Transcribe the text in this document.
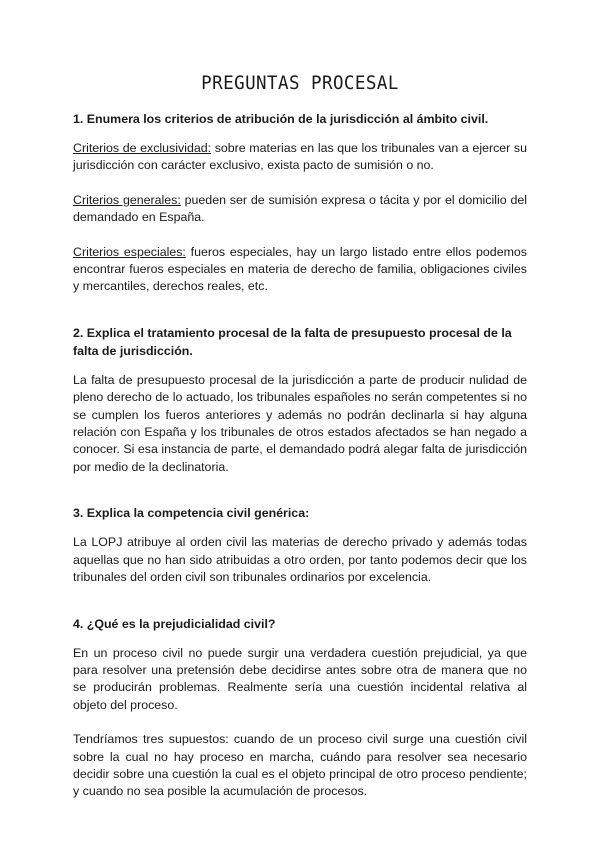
PREGUNTAS PROCESAL

1. Enumera los criterios de atribución de la jurisdicción al ámbito civil.

Criterios de exclusividad: sobre materias en las que los tribunales van a ejercer su jurisdicción con carácter exclusivo, exista pacto de sumisión o no.

Criterios generales: pueden ser de sumisión expresa o tácita y por el domicilio del demandado en España.

Criterios especiales: fueros especiales, hay un largo listado entre ellos podemos encontrar fueros especiales en materia de derecho de familia, obligaciones civiles y mercantiles, derechos reales, etc.

2. Explica el tratamiento procesal de la falta de presupuesto procesal de la falta de jurisdicción.

La falta de presupuesto procesal de la jurisdicción a parte de producir nulidad de pleno derecho de lo actuado, los tribunales españoles no serán competentes si no se cumplen los fueros anteriores y además no podrán declinarla si hay alguna relación con España y los tribunales de otros estados afectados se han negado a conocer. Si esa instancia de parte, el demandado podrá alegar falta de jurisdicción por medio de la declinatoria.

3. Explica la competencia civil genérica:

La LOPJ atribuye al orden civil las materias de derecho privado y además todas aquellas que no han sido atribuidas a otro orden, por tanto podemos decir que los tribunales del orden civil son tribunales ordinarios por excelencia.

4. ¿Qué es la prejudicialidad civil?

En un proceso civil no puede surgir una verdadera cuestión prejudicial, ya que para resolver una pretensión debe decidirse antes sobre otra de manera que no se producirán problemas. Realmente sería una cuestión incidental relativa al objeto del proceso.

Tendríamos tres supuestos: cuando de un proceso civil surge una cuestión civil sobre la cual no hay proceso en marcha, cuándo para resolver sea necesario decidir sobre una cuestión la cual es el objeto principal de otro proceso pendiente; y cuando no sea posible la acumulación de procesos.
